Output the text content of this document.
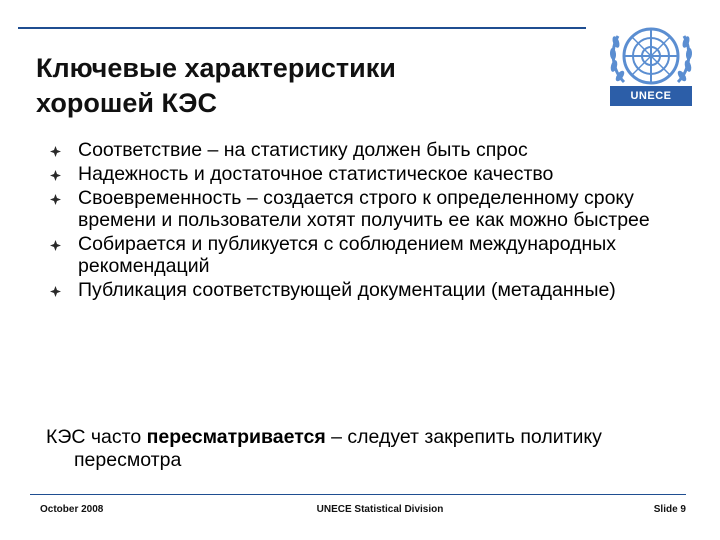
UNECE
Ключевые характеристики
хорошей КЭС
Соответствие – на статистику должен быть спрос
Надежность и достаточное статистическое качество
Своевременность – создается строго к определенному сроку времени и пользователи хотят получить ее как можно быстрее
Собирается и публикуется с соблюдением международных рекомендаций
Публикация соответствующей документации (метаданные)
КЭС часто пересматривается – следует закрепить политику пересмотра
October 2008	UNECE Statistical Division	Slide 9
